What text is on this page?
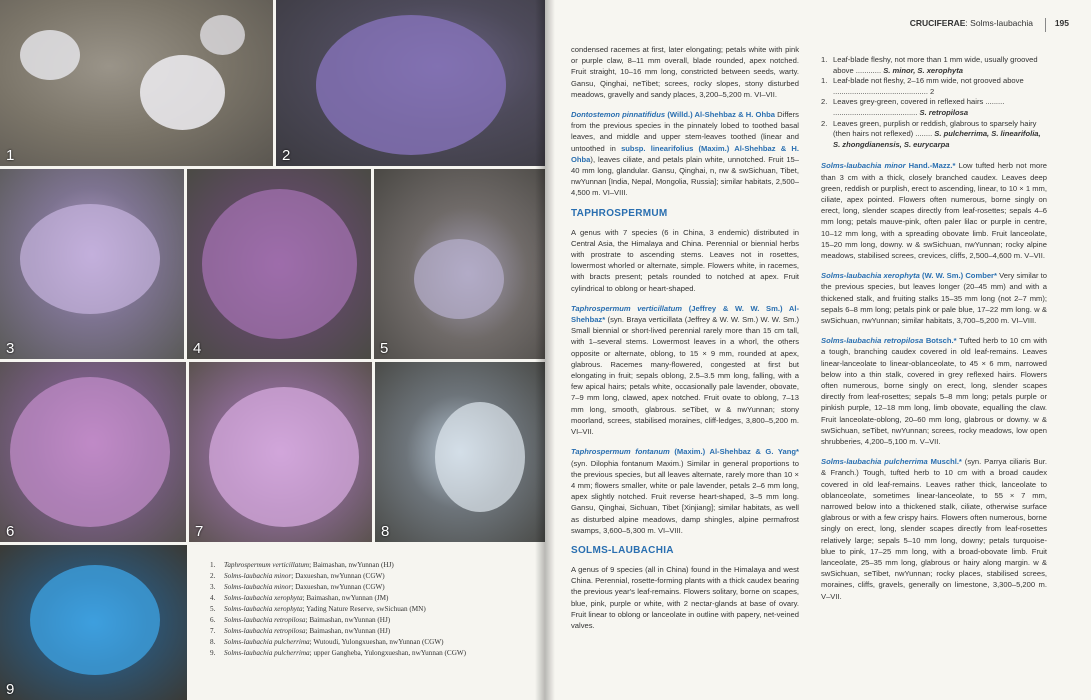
1	2
3	4	5
6	7	8
9
1. Taphrospermum verticillatum; Baimashan, nwYunnan (HJ)
2. Solms-laubachia minor; Daxueshan, nwYunnan (CGW)
3. Solms-laubachia minor; Daxueshan, nwYunnan (CGW)
4. Solms-laubachia xerophyta; Baimashan, nwYunnan (JM)
5. Solms-laubachia xerophyta; Yading Nature Reserve, swSichuan (MN)
6. Solms-laubachia retropilosa; Baimashan, nwYunnan (HJ)
7. Solms-laubachia retropilosa; Baimashan, nwYunnan (HJ)
8. Solms-laubachia pulcherrima; Wutoudi, Yulongxueshan, nwYunnan (CGW)
9. Solms-laubachia pulcherrima; upper Gangheba, Yulongxueshan, nwYunnan (CGW)
CRUCIFERAE: Solms-laubachia	195

condensed racemes at first, later elongating; petals white with pink or purple claw, 8–11 mm overall, blade rounded, apex notched. Fruit straight, 10–16 mm long, constricted between seeds, warty. Gansu, Qinghai, neTibet; screes, rocky slopes, stony disturbed meadows, gravelly and sandy places, 3,200–5,200 m. VI–VII.

Dontostemon pinnatifidus (Willd.) Al-Shehbaz & H. Ohba Differs from the previous species in the pinnately lobed to toothed basal leaves, and middle and upper stem-leaves toothed (linear and untoothed in subsp. linearifolius (Maxim.) Al-Shehbaz & H. Ohba), leaves ciliate, and petals plain white, unnotched. Fruit 15–40 mm long, glandular. Gansu, Qinghai, n, nw & swSichuan, Tibet, nwYunnan [India, Nepal, Mongolia, Russia]; similar habitats, 2,500–4,500 m. VI–VIII.

TAPHROSPERMUM

A genus with 7 species (6 in China, 3 endemic) distributed in Central Asia, the Himalaya and China. Perennial or biennial herbs with prostrate to ascending stems. Leaves not in rosettes, lowermost whorled or alternate, simple. Flowers white, in racemes, with bracts present; petals rounded to notched at apex. Fruit cylindrical to oblong or heart-shaped.

Taphrospermum verticillatum (Jeffrey & W. W. Sm.) Al-Shehbaz* (syn. Braya verticillata (Jeffrey & W. W. Sm.) W. W. Sm.) Small biennial or short-lived perennial rarely more than 15 cm tall, with 1–several stems. Lowermost leaves in a whorl, the others opposite or alternate, oblong, to 15 × 9 mm, rounded at apex, glabrous. Racemes many-flowered, congested at first but elongating in fruit; sepals oblong, 2.5–3.5 mm long, falling, with a few apical hairs; petals white, occasionally pale lavender, obovate, 7–9 mm long, clawed, apex notched. Fruit ovate to oblong, 7–13 mm long, smooth, glabrous. seTibet, w & nwYunnan; stony moorland, screes, stabilised moraines, cliff-ledges, 3,800–5,200 m. VI–VII.

Taphrospermum fontanum (Maxim.) Al-Shehbaz & G. Yang* (syn. Dilophia fontanum Maxim.) Similar in general proportions to the previous species, but all leaves alternate, rarely more than 10 × 4 mm; flowers smaller, white or pale lavender, petals 2–6 mm long, apex slightly notched. Fruit reverse heart-shaped, 3–5 mm long. Gansu, Qinghai, Sichuan, Tibet [Xinjiang]; similar habitats, as well as disturbed alpine meadows, damp shingles, alpine permafrost swamps, 3,600–5,300 m. VI–VIII.

SOLMS-LAUBACHIA

A genus of 9 species (all in China) found in the Himalaya and west China. Perennial, rosette-forming plants with a thick caudex bearing the previous year's leaf-remains. Flowers solitary, borne on scapes, blue, pink, purple or white, with 2 nectar-glands at base of ovary. Fruit linear to oblong or lanceolate in outline with papery, net-veined valves.

1. Leaf-blade fleshy, not more than 1 mm wide, usually grooved above ............ S. minor, S. xerophyta
1. Leaf-blade not fleshy, 2–16 mm wide, not grooved above ............................................. 2
2. Leaves grey-green, covered in reflexed hairs ......... ........................................ S. retropilosa
2. Leaves green, purplish or reddish, glabrous to sparsely hairy (then hairs not reflexed) ........ S. pulcherrima, S. linearifolia, S. zhongdianensis, S. eurycarpa

Solms-laubachia minor Hand.-Mazz.* Low tufted herb not more than 3 cm with a thick, closely branched caudex. Leaves deep green, reddish or purplish, erect to ascending, linear, to 10 × 1 mm, ciliate, apex pointed. Flowers often numerous, borne singly on erect, long, slender scapes directly from leaf-rosettes; sepals 4–6 mm long; petals mauve-pink, often paler lilac or purple in centre, 10–12 mm long, with a spreading obovate limb. Fruit lanceolate, 15–20 mm long, downy. w & swSichuan, nwYunnan; rocky alpine meadows, stabilised screes, crevices, cliffs, 2,500–4,600 m. V–VII.

Solms-laubachia xerophyta (W. W. Sm.) Comber* Very similar to the previous species, but leaves longer (20–45 mm) and with a thickened stalk, and fruiting stalks 15–35 mm long (not 2–7 mm); sepals 6–8 mm long; petals pink or pale blue, 17–22 mm long. w & swSichuan, nwYunnan; similar habitats, 3,700–5,200 m. VI–VIII.

Solms-laubachia retropilosa Botsch.* Tufted herb to 10 cm with a tough, branching caudex covered in old leaf-remains. Leaves linear-lanceolate to linear-oblanceolate, to 45 × 6 mm, narrowed below into a thin stalk, covered in grey reflexed hairs. Flowers often numerous, borne singly on erect, long, slender scapes directly from leaf-rosettes; sepals 5–8 mm long; petals purple or pinkish purple, 12–18 mm long, limb obovate, equalling the claw. Fruit lanceolate-oblong, 20–60 mm long, glabrous or downy. w & swSichuan, seTibet, nwYunnan; screes, rocky meadows, low open shrubberies, 4,200–5,100 m. V–VII.

Solms-laubachia pulcherrima Muschl.* (syn. Parrya ciliaris Bur. & Franch.) Tough, tufted herb to 10 cm with a broad caudex covered in old leaf-remains. Leaves rather thick, lanceolate to oblanceolate, sometimes linear-lanceolate, to 55 × 7 mm, narrowed below into a thickened stalk, ciliate, otherwise surface glabrous or with a few crispy hairs. Flowers often numerous, borne singly on erect, long, slender scapes directly from leaf-rosettes relatively large; sepals 5–10 mm long, downy; petals turquoise-blue to pink, 17–25 mm long, with a broad-obovate limb. Fruit lanceolate, 25–35 mm long, glabrous or hairy along margin. w & swSichuan, seTibet, nwYunnan; rocky places, stabilised screes, moraines, cliffs, gravels, generally on limestone, 3,300–5,200 m. V–VII.
